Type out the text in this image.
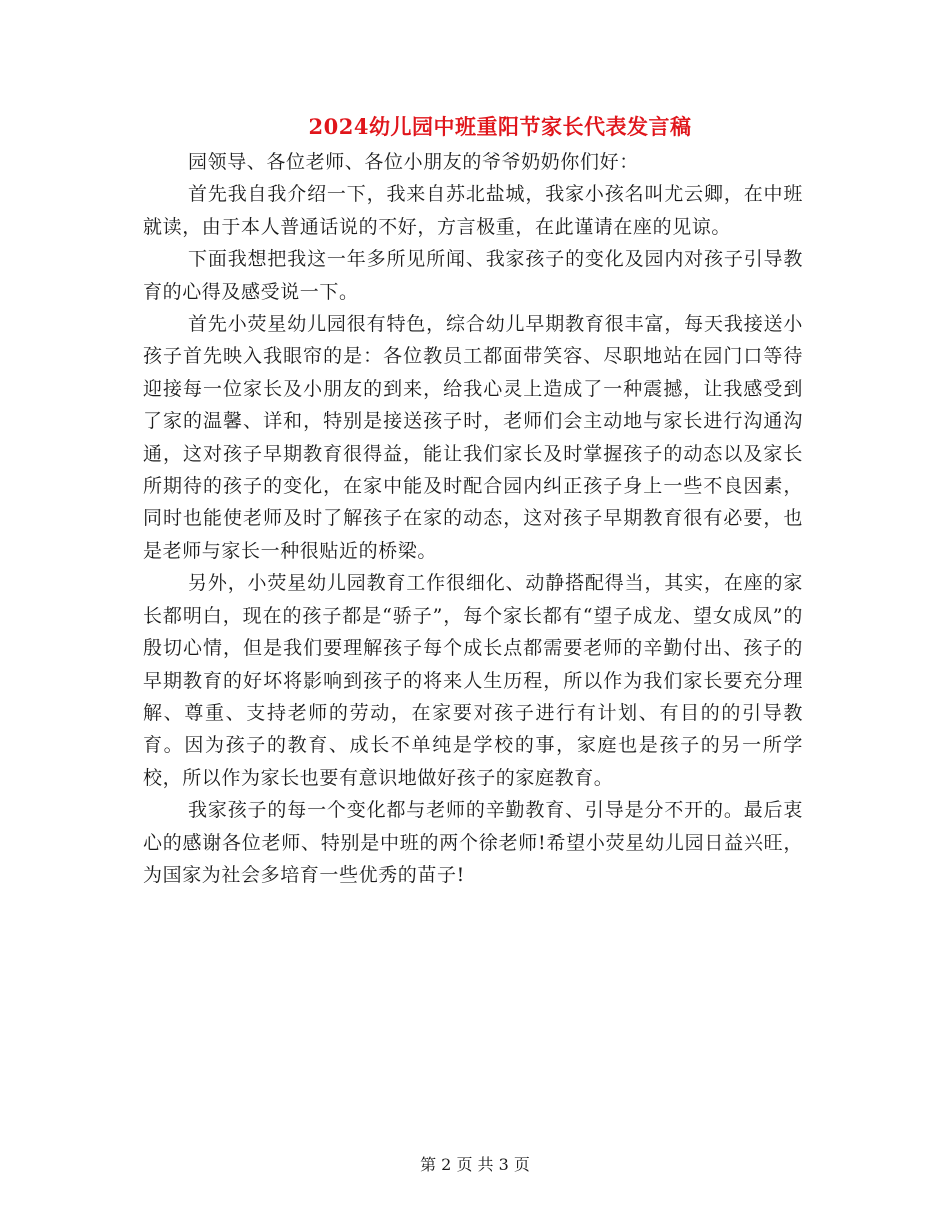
2024幼儿园中班重阳节家长代表发言稿

园领导、各位老师、各位小朋友的爷爷奶奶你们好：

首先我自我介绍一下，我来自苏北盐城，我家小孩名叫尤云卿，在中班就读，由于本人普通话说的不好，方言极重，在此谨请在座的见谅。

下面我想把我这一年多所见所闻、我家孩子的变化及园内对孩子引导教育的心得及感受说一下。

首先小荧星幼儿园很有特色，综合幼儿早期教育很丰富，每天我接送小孩子首先映入我眼帘的是：各位教员工都面带笑容、尽职地站在园门口等待迎接每一位家长及小朋友的到来，给我心灵上造成了一种震撼，让我感受到了家的温馨、详和，特别是接送孩子时，老师们会主动地与家长进行沟通沟通，这对孩子早期教育很得益，能让我们家长及时掌握孩子的动态以及家长所期待的孩子的变化，在家中能及时配合园内纠正孩子身上一些不良因素，同时也能使老师及时了解孩子在家的动态，这对孩子早期教育很有必要，也是老师与家长一种很贴近的桥梁。

另外，小荧星幼儿园教育工作很细化、动静搭配得当，其实，在座的家长都明白，现在的孩子都是“骄子”，每个家长都有“望子成龙、望女成凤”的殷切心情，但是我们要理解孩子每个成长点都需要老师的辛勤付出、孩子的早期教育的好坏将影响到孩子的将来人生历程，所以作为我们家长要充分理解、尊重、支持老师的劳动，在家要对孩子进行有计划、有目的的引导教育。因为孩子的教育、成长不单纯是学校的事，家庭也是孩子的另一所学校，所以作为家长也要有意识地做好孩子的家庭教育。

我家孩子的每一个变化都与老师的辛勤教育、引导是分不开的。最后衷心的感谢各位老师、特别是中班的两个徐老师!希望小荧星幼儿园日益兴旺，为国家为社会多培育一些优秀的苗子!

第 2 页 共 3 页
